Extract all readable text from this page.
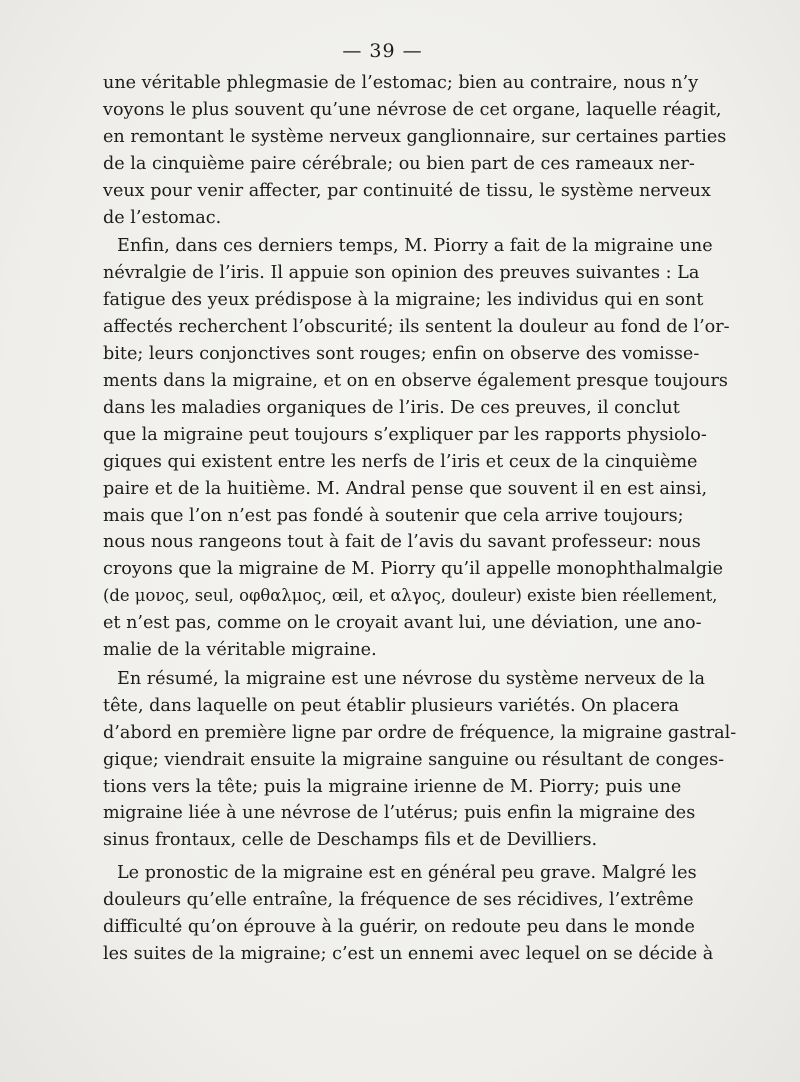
— 39 —
une véritable phlegmasie de l’estomac; bien au contraire, nous n’y
voyons le plus souvent qu’une névrose de cet organe, laquelle réagit,
en remontant le système nerveux ganglionnaire, sur certaines parties
de la cinquième paire cérébrale; ou bien part de ces rameaux ner-
veux pour venir affecter, par continuité de tissu, le système nerveux
de l’estomac.
Enfin, dans ces derniers temps, M. Piorry a fait de la migraine une
névralgie de l’iris. Il appuie son opinion des preuves suivantes : La
fatigue des yeux prédispose à la migraine; les individus qui en sont
affectés recherchent l’obscurité; ils sentent la douleur au fond de l’or-
bite; leurs conjonctives sont rouges; enfin on observe des vomisse-
ments dans la migraine, et on en observe également presque toujours
dans les maladies organiques de l’iris. De ces preuves, il conclut
que la migraine peut toujours s’expliquer par les rapports physiolo-
giques qui existent entre les nerfs de l’iris et ceux de la cinquième
paire et de la huitième. M. Andral pense que souvent il en est ainsi,
mais que l’on n’est pas fondé à soutenir que cela arrive toujours;
nous nous rangeons tout à fait de l’avis du savant professeur: nous
croyons que la migraine de M. Piorry qu’il appelle monophthalmalgie
(de μονος, seul, οφθαλμος, œil, et αλγος, douleur) existe bien réellement,
et n’est pas, comme on le croyait avant lui, une déviation, une ano-
malie de la véritable migraine.
En résumé, la migraine est une névrose du système nerveux de la
tête, dans laquelle on peut établir plusieurs variétés. On placera
d’abord en première ligne par ordre de fréquence, la migraine gastral-
gique; viendrait ensuite la migraine sanguine ou résultant de conges-
tions vers la tête; puis la migraine irienne de M. Piorry; puis une
migraine liée à une névrose de l’utérus; puis enfin la migraine des
sinus frontaux, celle de Deschamps fils et de Devilliers.
Le pronostic de la migraine est en général peu grave. Malgré les
douleurs qu’elle entraîne, la fréquence de ses récidives, l’extrême
difficulté qu’on éprouve à la guérir, on redoute peu dans le monde
les suites de la migraine; c’est un ennemi avec lequel on se décide à
